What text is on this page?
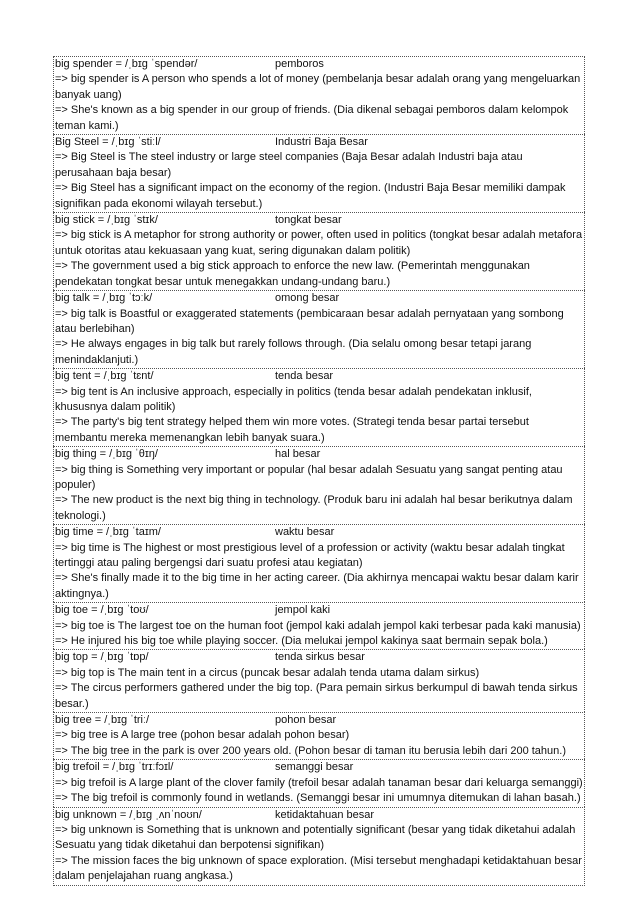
big spender = /ˌbɪɡ ˈspendər/	pemboros
=> big spender is A person who spends a lot of money (pembelanja besar adalah orang yang mengeluarkan banyak uang)
=> She's known as a big spender in our group of friends. (Dia dikenal sebagai pemboros dalam kelompok teman kami.)
Big Steel = /ˌbɪɡ ˈstiːl/	Industri Baja Besar
=> Big Steel is The steel industry or large steel companies (Baja Besar adalah Industri baja atau perusahaan baja besar)
=> Big Steel has a significant impact on the economy of the region. (Industri Baja Besar memiliki dampak signifikan pada ekonomi wilayah tersebut.)
big stick = /ˌbɪɡ ˈstɪk/	tongkat besar
=> big stick is A metaphor for strong authority or power, often used in politics (tongkat besar adalah metafora untuk otoritas atau kekuasaan yang kuat, sering digunakan dalam politik)
=> The government used a big stick approach to enforce the new law. (Pemerintah menggunakan pendekatan tongkat besar untuk menegakkan undang-undang baru.)
big talk = /ˌbɪɡ ˈtɔːk/	omong besar
=> big talk is Boastful or exaggerated statements (pembicaraan besar adalah pernyataan yang sombong atau berlebihan)
=> He always engages in big talk but rarely follows through. (Dia selalu omong besar tetapi jarang menindaklanjuti.)
big tent = /ˌbɪɡ ˈtɛnt/	tenda besar
=> big tent is An inclusive approach, especially in politics (tenda besar adalah pendekatan inklusif, khususnya dalam politik)
=> The party's big tent strategy helped them win more votes. (Strategi tenda besar partai tersebut membantu mereka memenangkan lebih banyak suara.)
big thing = /ˌbɪɡ ˈθɪŋ/	hal besar
=> big thing is Something very important or popular (hal besar adalah Sesuatu yang sangat penting atau populer)
=> The new product is the next big thing in technology. (Produk baru ini adalah hal besar berikutnya dalam teknologi.)
big time = /ˌbɪɡ ˈtaɪm/	waktu besar
=> big time is The highest or most prestigious level of a profession or activity (waktu besar adalah tingkat tertinggi atau paling bergengsi dari suatu profesi atau kegiatan)
=> She's finally made it to the big time in her acting career. (Dia akhirnya mencapai waktu besar dalam karir aktingnya.)
big toe = /ˌbɪɡ ˈtoʊ/	jempol kaki
=> big toe is The largest toe on the human foot (jempol kaki adalah jempol kaki terbesar pada kaki manusia)
=> He injured his big toe while playing soccer. (Dia melukai jempol kakinya saat bermain sepak bola.)
big top = /ˌbɪɡ ˈtɒp/	tenda sirkus besar
=> big top is The main tent in a circus (puncak besar adalah tenda utama dalam sirkus)
=> The circus performers gathered under the big top. (Para pemain sirkus berkumpul di bawah tenda sirkus besar.)
big tree = /ˌbɪɡ ˈtriː/	pohon besar
=> big tree is A large tree (pohon besar adalah pohon besar)
=> The big tree in the park is over 200 years old. (Pohon besar di taman itu berusia lebih dari 200 tahun.)
big trefoil = /ˌbɪɡ ˈtrɪːfɔɪl/	semanggi besar
=> big trefoil is A large plant of the clover family (trefoil besar adalah tanaman besar dari keluarga semanggi)
=> The big trefoil is commonly found in wetlands. (Semanggi besar ini umumnya ditemukan di lahan basah.)
big unknown = /ˌbɪɡ ˌʌnˈnoʊn/	ketidaktahuan besar
=> big unknown is Something that is unknown and potentially significant (besar yang tidak diketahui adalah Sesuatu yang tidak diketahui dan berpotensi signifikan)
=> The mission faces the big unknown of space exploration. (Misi tersebut menghadapi ketidaktahuan besar dalam penjelajahan ruang angkasa.)
